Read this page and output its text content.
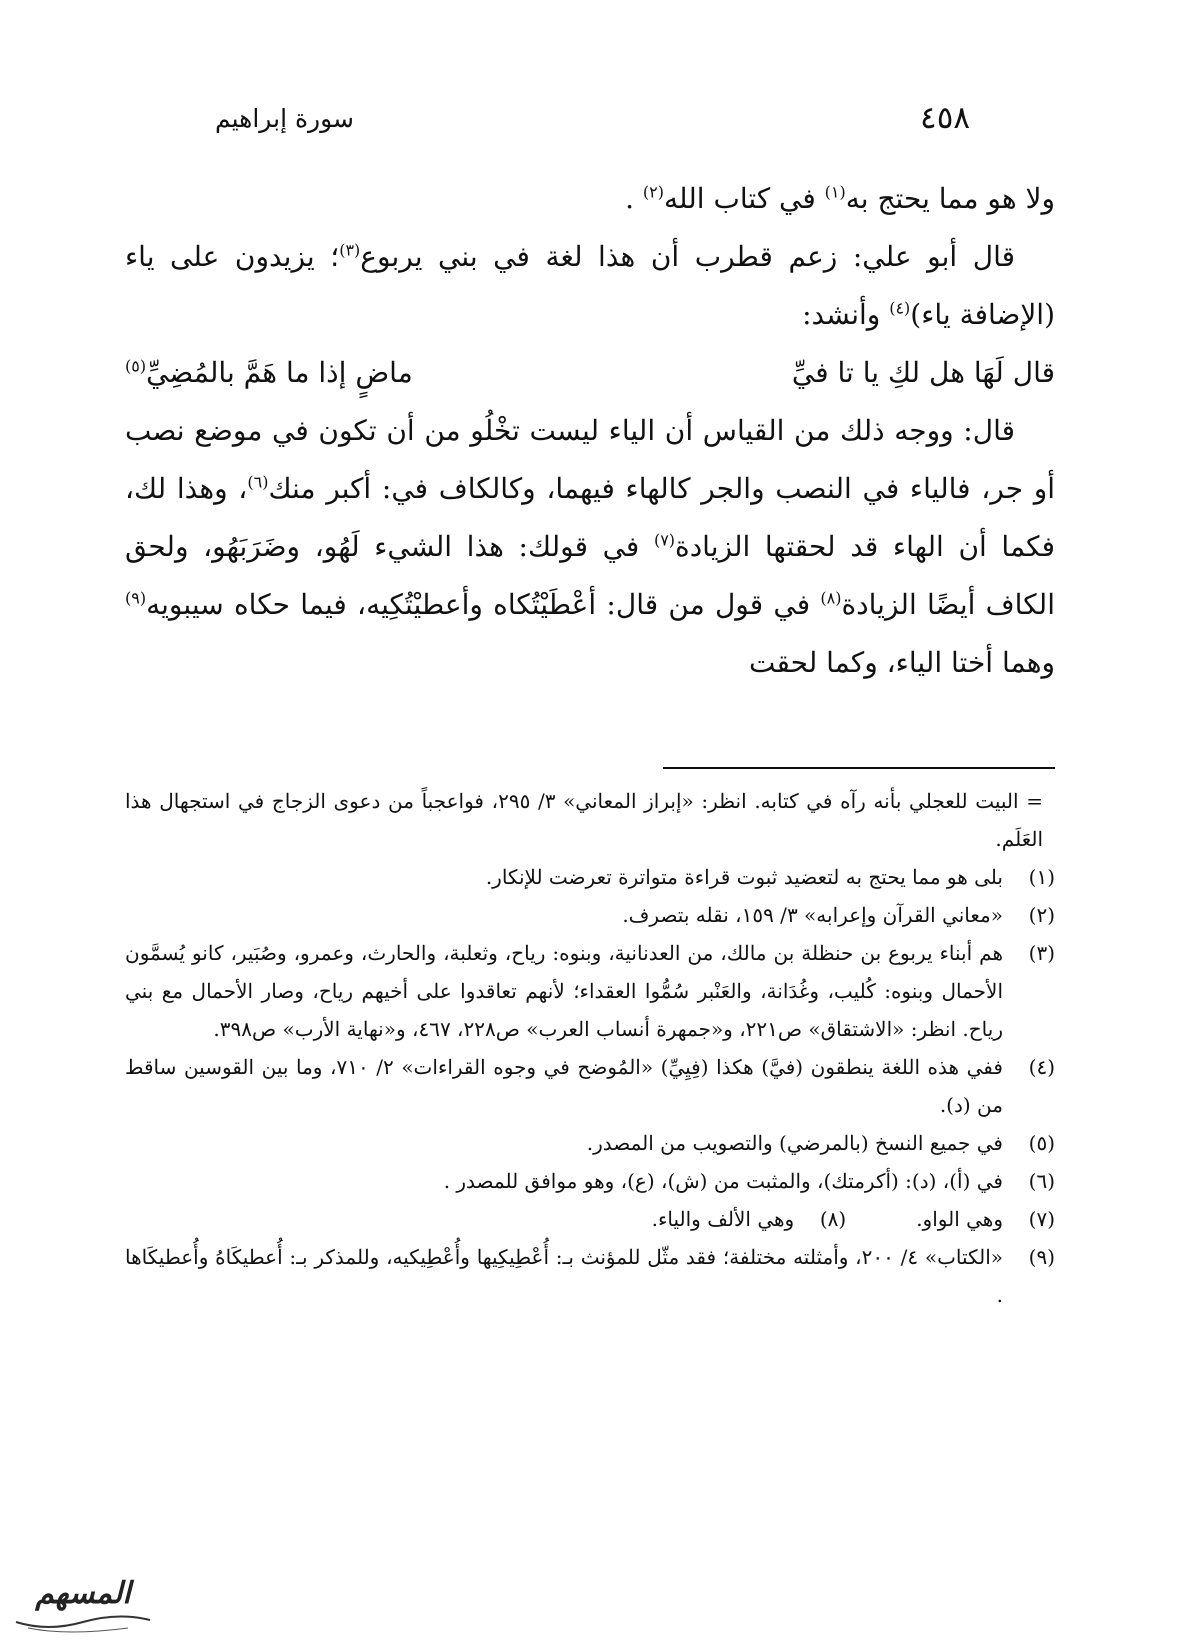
٤٥٨
سورة إبراهيم

ولا هو مما يحتج به$^{(١)}$ في كتاب الله$^{(٢)}$ .

قال أبو علي: زعم قطرب أن هذا لغة في بني يربوع$^{(٣)}$؛ يزيدون على ياء (الإضافة ياء)$^{(٤)}$ وأنشد:

قال لَهَا هل لكِ يا تا فيِّ
ماضٍ إذا ما هَمَّ بالمُضِيِّ$^{(٥)}$

قال: ووجه ذلك من القياس أن الياء ليست تخْلُو من أن تكون في موضع نصب أو جر، فالياء في النصب والجر كالهاء فيهما، وكالكاف في: أكبر منك$^{(٦)}$، وهذا لك، فكما أن الهاء قد لحقتها الزيادة$^{(٧)}$ في قولك: هذا الشيء لَهُو، وضَرَبَهُو، ولحق الكاف أيضًا الزيادة$^{(٨)}$ في قول من قال: أعْطَيْتُكاه وأعطيْتُكِيه، فيما حكاه سيبويه$^{(٩)}$ وهما أختا الياء، وكما لحقت

= البيت للعجلي بأنه رآه في كتابه. انظر: «إبراز المعاني» ٣/ ٢٩٥، فواعجباً من دعوى الزجاج في استجهال هذا العَلَم.
(١)
بلى هو مما يحتج به لتعضيد ثبوت قراءة متواترة تعرضت للإنكار.
(٢)
«معاني القرآن وإعرابه» ٣/ ١٥٩، نقله بتصرف.
(٣)
هم أبناء يربوع بن حنظلة بن مالك، من العدنانية، وبنوه: رياح، وثعلبة، والحارث، وعمرو، وصُبَير، كانو يُسمَّون الأحمال وبنوه: كُليب، وغُدَانة، والعَنْبر سُمُّوا العقداء؛ لأنهم تعاقدوا على أخيهم رياح، وصار الأحمال مع بني رياح. انظر: «الاشتقاق» ص٢٢١، و«جمهرة أنساب العرب» ص٢٢٨، ٤٦٧، و«نهاية الأرب» ص٣٩٨.
(٤)
ففي هذه اللغة ينطقون (فيَّ) هكذا (فِيِيِّ) «المُوضح في وجوه القراءات» ٢/ ٧١٠، وما بين القوسين ساقط من (د).
(٥)
في جميع النسخ (بالمرضي) والتصويب من المصدر.
(٦)
في (أ)، (د): (أكرمتك)، والمثبت من (ش)، (ع)، وهو موافق للمصدر .
(٧)
وهي الواو.
(٨)
وهي الألف والياء.
(٩)
«الكتاب» ٤/ ٢٠٠، وأمثلته مختلفة؛ فقد مثّل للمؤنث بـ: أُعْطِيكِيها وأُعْطِيكيه، وللمذكر بـ: أُعطيكَاهُ وأُعطيكَاها .
المسهم
